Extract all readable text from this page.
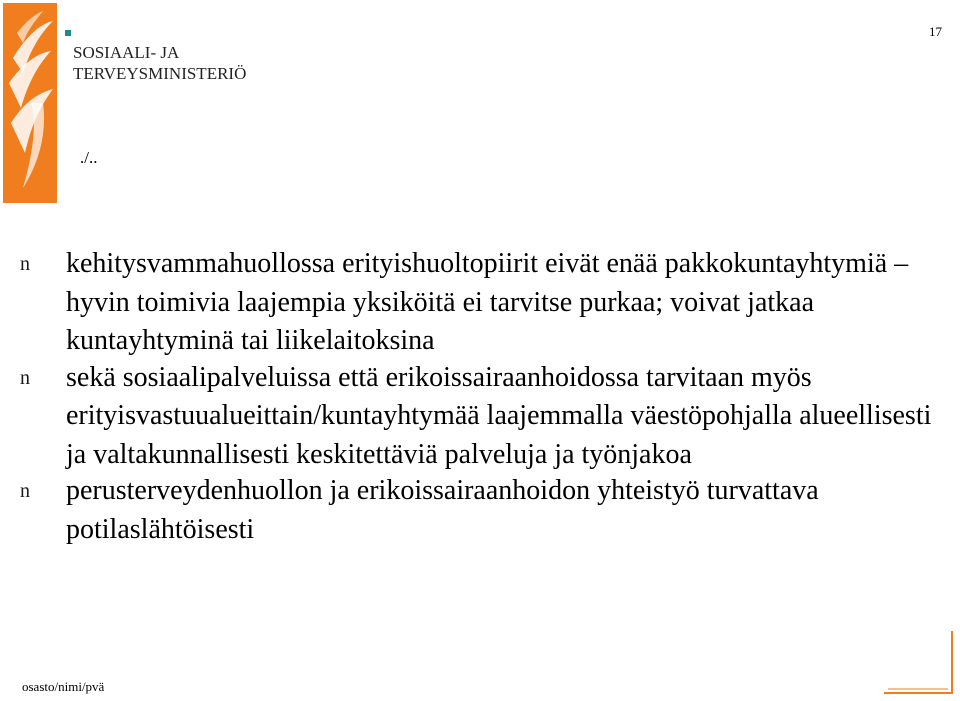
SOSIAALI- JA
TERVEYSMINISTERIÖ
17
./..
n	kehitysvammahuollossa erityishuoltopiirit eivät enää pakkokuntayhtymiä – hyvin toimivia laajempia yksiköitä ei tarvitse purkaa; voivat jatkaa kuntayhtyminä tai liikelaitoksina
n	sekä sosiaalipalveluissa että erikoissairaanhoidossa tarvitaan myös erityisvastuualueittain/kuntayhtymää laajemmalla väestöpohjalla alueellisesti ja valtakunnallisesti keskitettäviä palveluja ja työnjakoa
n	perusterveydenhuollon ja erikoissairaanhoidon yhteistyö turvattava potilaslähtöisesti
osasto/nimi/pvä
